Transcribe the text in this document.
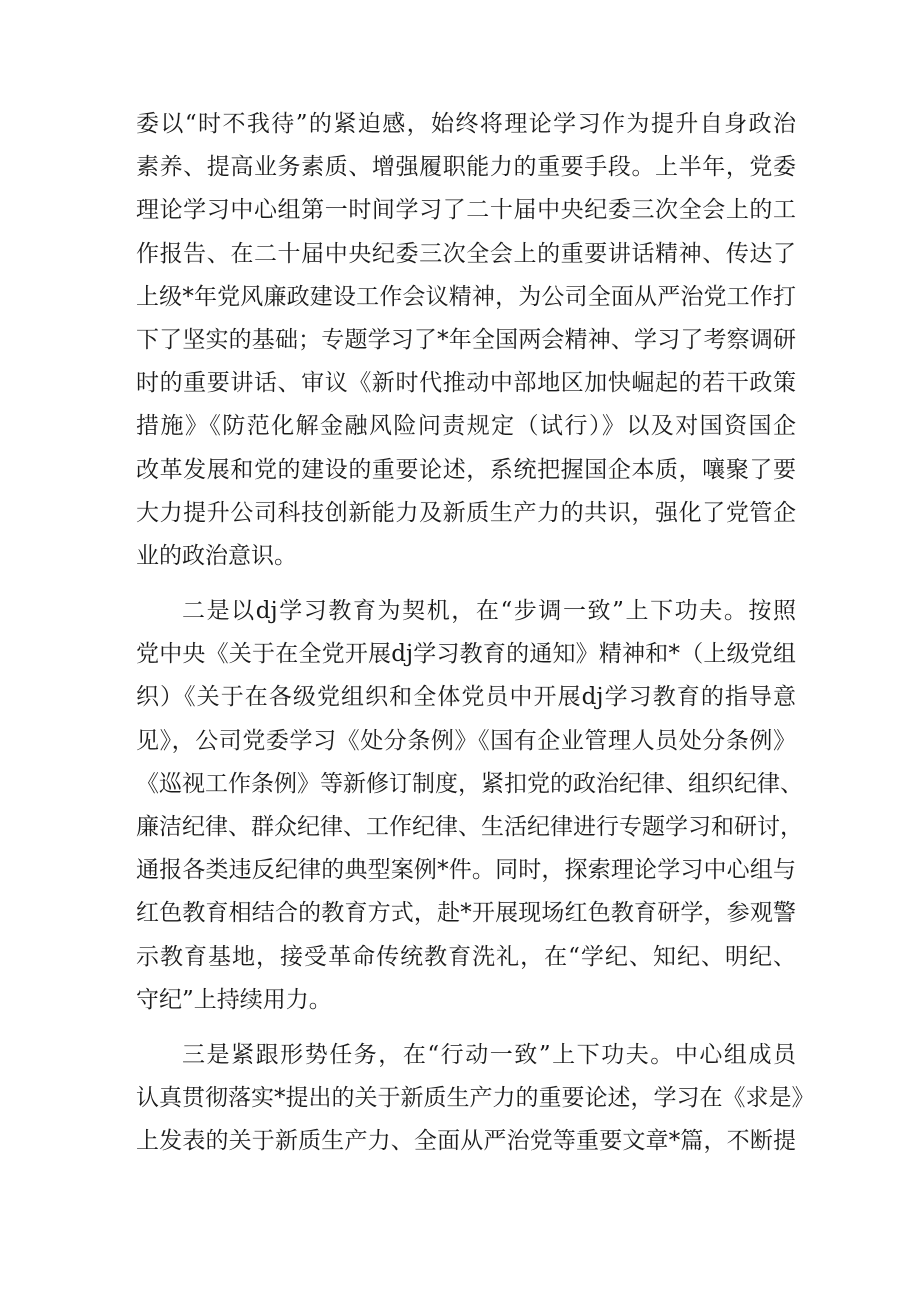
委以“时不我待”的紧迫感，始终将理论学习作为提升自身政治
素养、提高业务素质、增强履职能力的重要手段。上半年，党委
理论学习中心组第一时间学习了二十届中央纪委三次全会上的工
作报告、在二十届中央纪委三次全会上的重要讲话精神、传达了
上级*年党风廉政建设工作会议精神，为公司全面从严治党工作打
下了坚实的基础；专题学习了*年全国两会精神、学习了考察调研
时的重要讲话、审议《新时代推动中部地区加快崛起的若干政策
措施》《防范化解金融风险问责规定（试行）》以及对国资国企
改革发展和党的建设的重要论述，系统把握国企本质，嚷聚了要
大力提升公司科技创新能力及新质生产力的共识，强化了党管企
业的政治意识。
二是以dj学习教育为契机，在“步调一致”上下功夫。按照
党中央《关于在全党开展dj学习教育的通知》精神和*（上级党组
织）《关于在各级党组织和全体党员中开展dj学习教育的指导意
见》，公司党委学习《处分条例》《国有企业管理人员处分条例》
《巡视工作条例》等新修订制度，紧扣党的政治纪律、组织纪律、
廉洁纪律、群众纪律、工作纪律、生活纪律进行专题学习和研讨，
通报各类违反纪律的典型案例*件。同时，探索理论学习中心组与
红色教育相结合的教育方式，赴*开展现场红色教育研学，参观警
示教育基地，接受革命传统教育洗礼，在“学纪、知纪、明纪、
守纪”上持续用力。
三是紧跟形势任务，在“行动一致”上下功夫。中心组成员
认真贯彻落实*提出的关于新质生产力的重要论述，学习在《求是》
上发表的关于新质生产力、全面从严治党等重要文章*篇，不断提
